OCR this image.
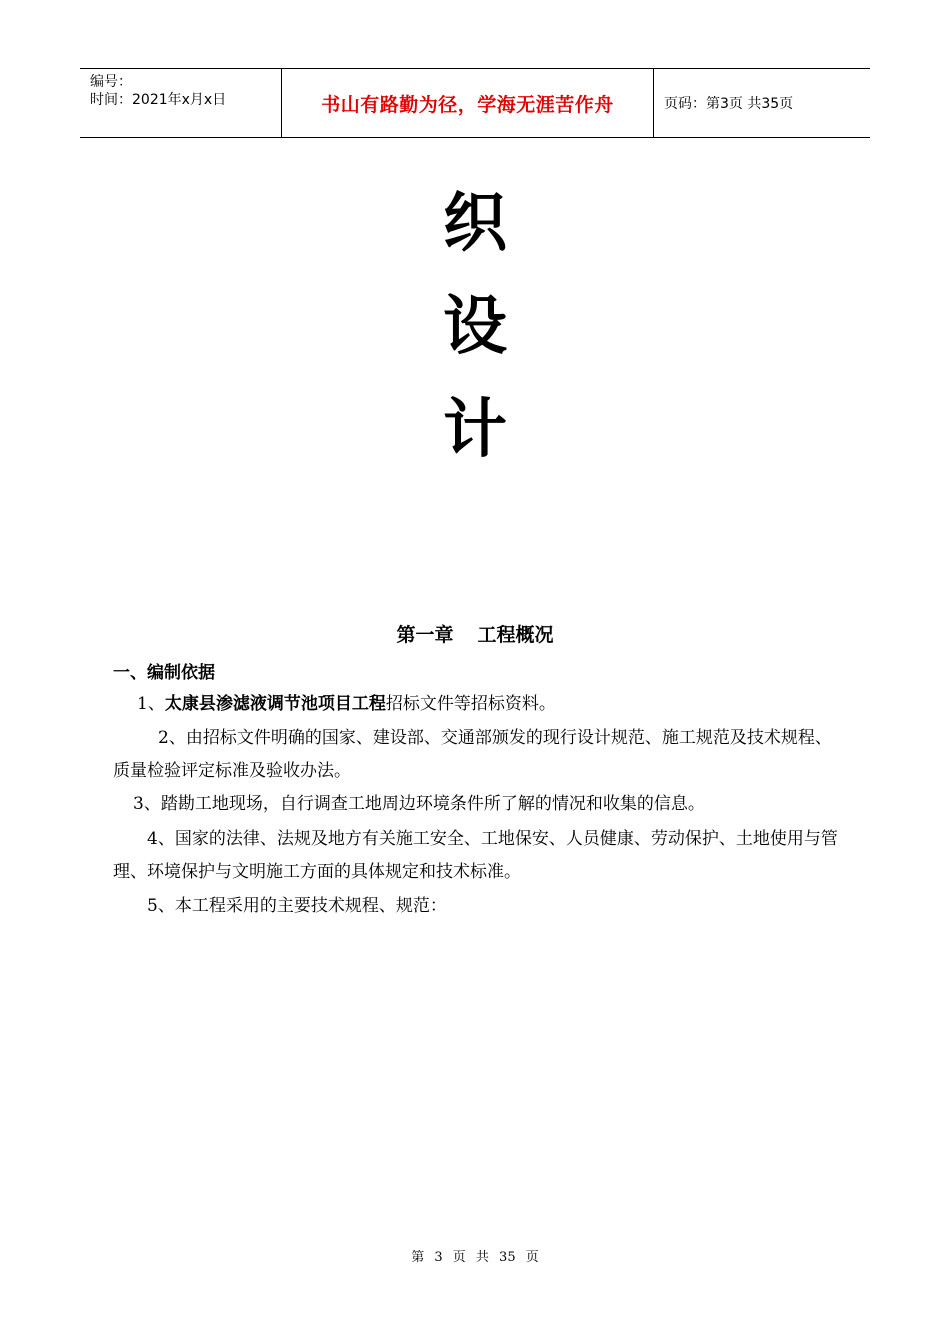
编号：
时间：2021年x月x日	书山有路勤为径，学海无涯苦作舟	页码：第3页 共35页
织
设
计
第一章 工程概况
一、编制依据
1、太康县渗滤液调节池项目工程招标文件等招标资料。
2、由招标文件明确的国家、建设部、交通部颁发的现行设计规范、施工规范及技术规程、质量检验评定标准及验收办法。
3、踏勘工地现场，自行调查工地周边环境条件所了解的情况和收集的信息。
4、国家的法律、法规及地方有关施工安全、工地保安、人员健康、劳动保护、土地使用与管理、环境保护与文明施工方面的具体规定和技术标准。
5、本工程采用的主要技术规程、规范：
第 3 页 共 35 页
